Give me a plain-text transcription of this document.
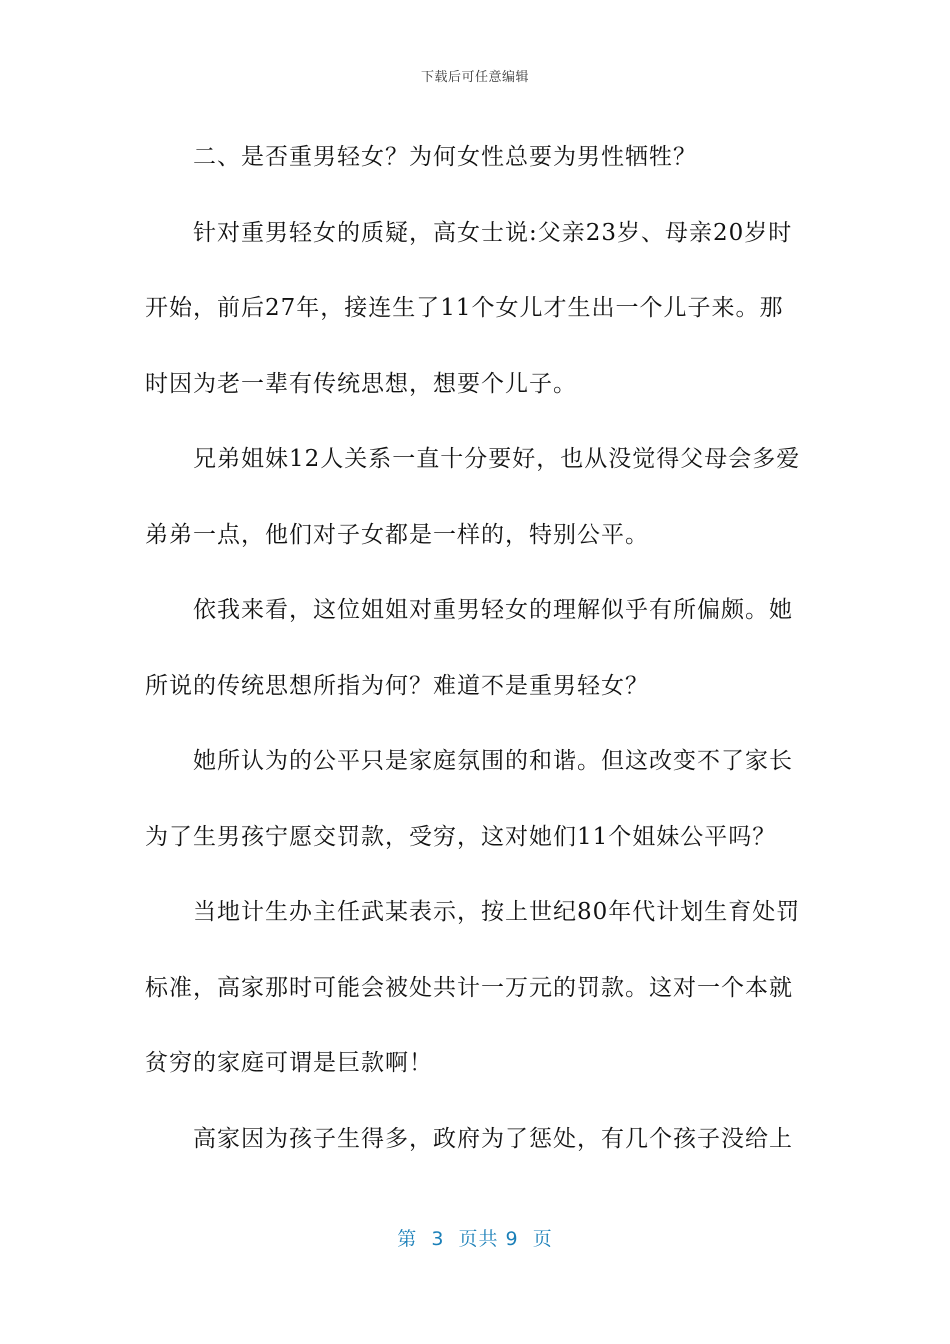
下载后可任意编辑
二、是否重男轻女？为何女性总要为男性牺牲？
针对重男轻女的质疑，高女士说:父亲23岁、母亲20岁时
开始，前后27年，接连生了11个女儿才生出一个儿子来。那
时因为老一辈有传统思想，想要个儿子。
兄弟姐妹12人关系一直十分要好，也从没觉得父母会多爱
弟弟一点，他们对子女都是一样的，特别公平。
依我来看，这位姐姐对重男轻女的理解似乎有所偏颇。她
所说的传统思想所指为何？难道不是重男轻女？
她所认为的公平只是家庭氛围的和谐。但这改变不了家长
为了生男孩宁愿交罚款，受穷，这对她们11个姐妹公平吗？
当地计生办主任武某表示，按上世纪80年代计划生育处罚
标准，高家那时可能会被处共计一万元的罚款。这对一个本就
贫穷的家庭可谓是巨款啊！
高家因为孩子生得多，政府为了惩处，有几个孩子没给上
第  3  页共 9  页
